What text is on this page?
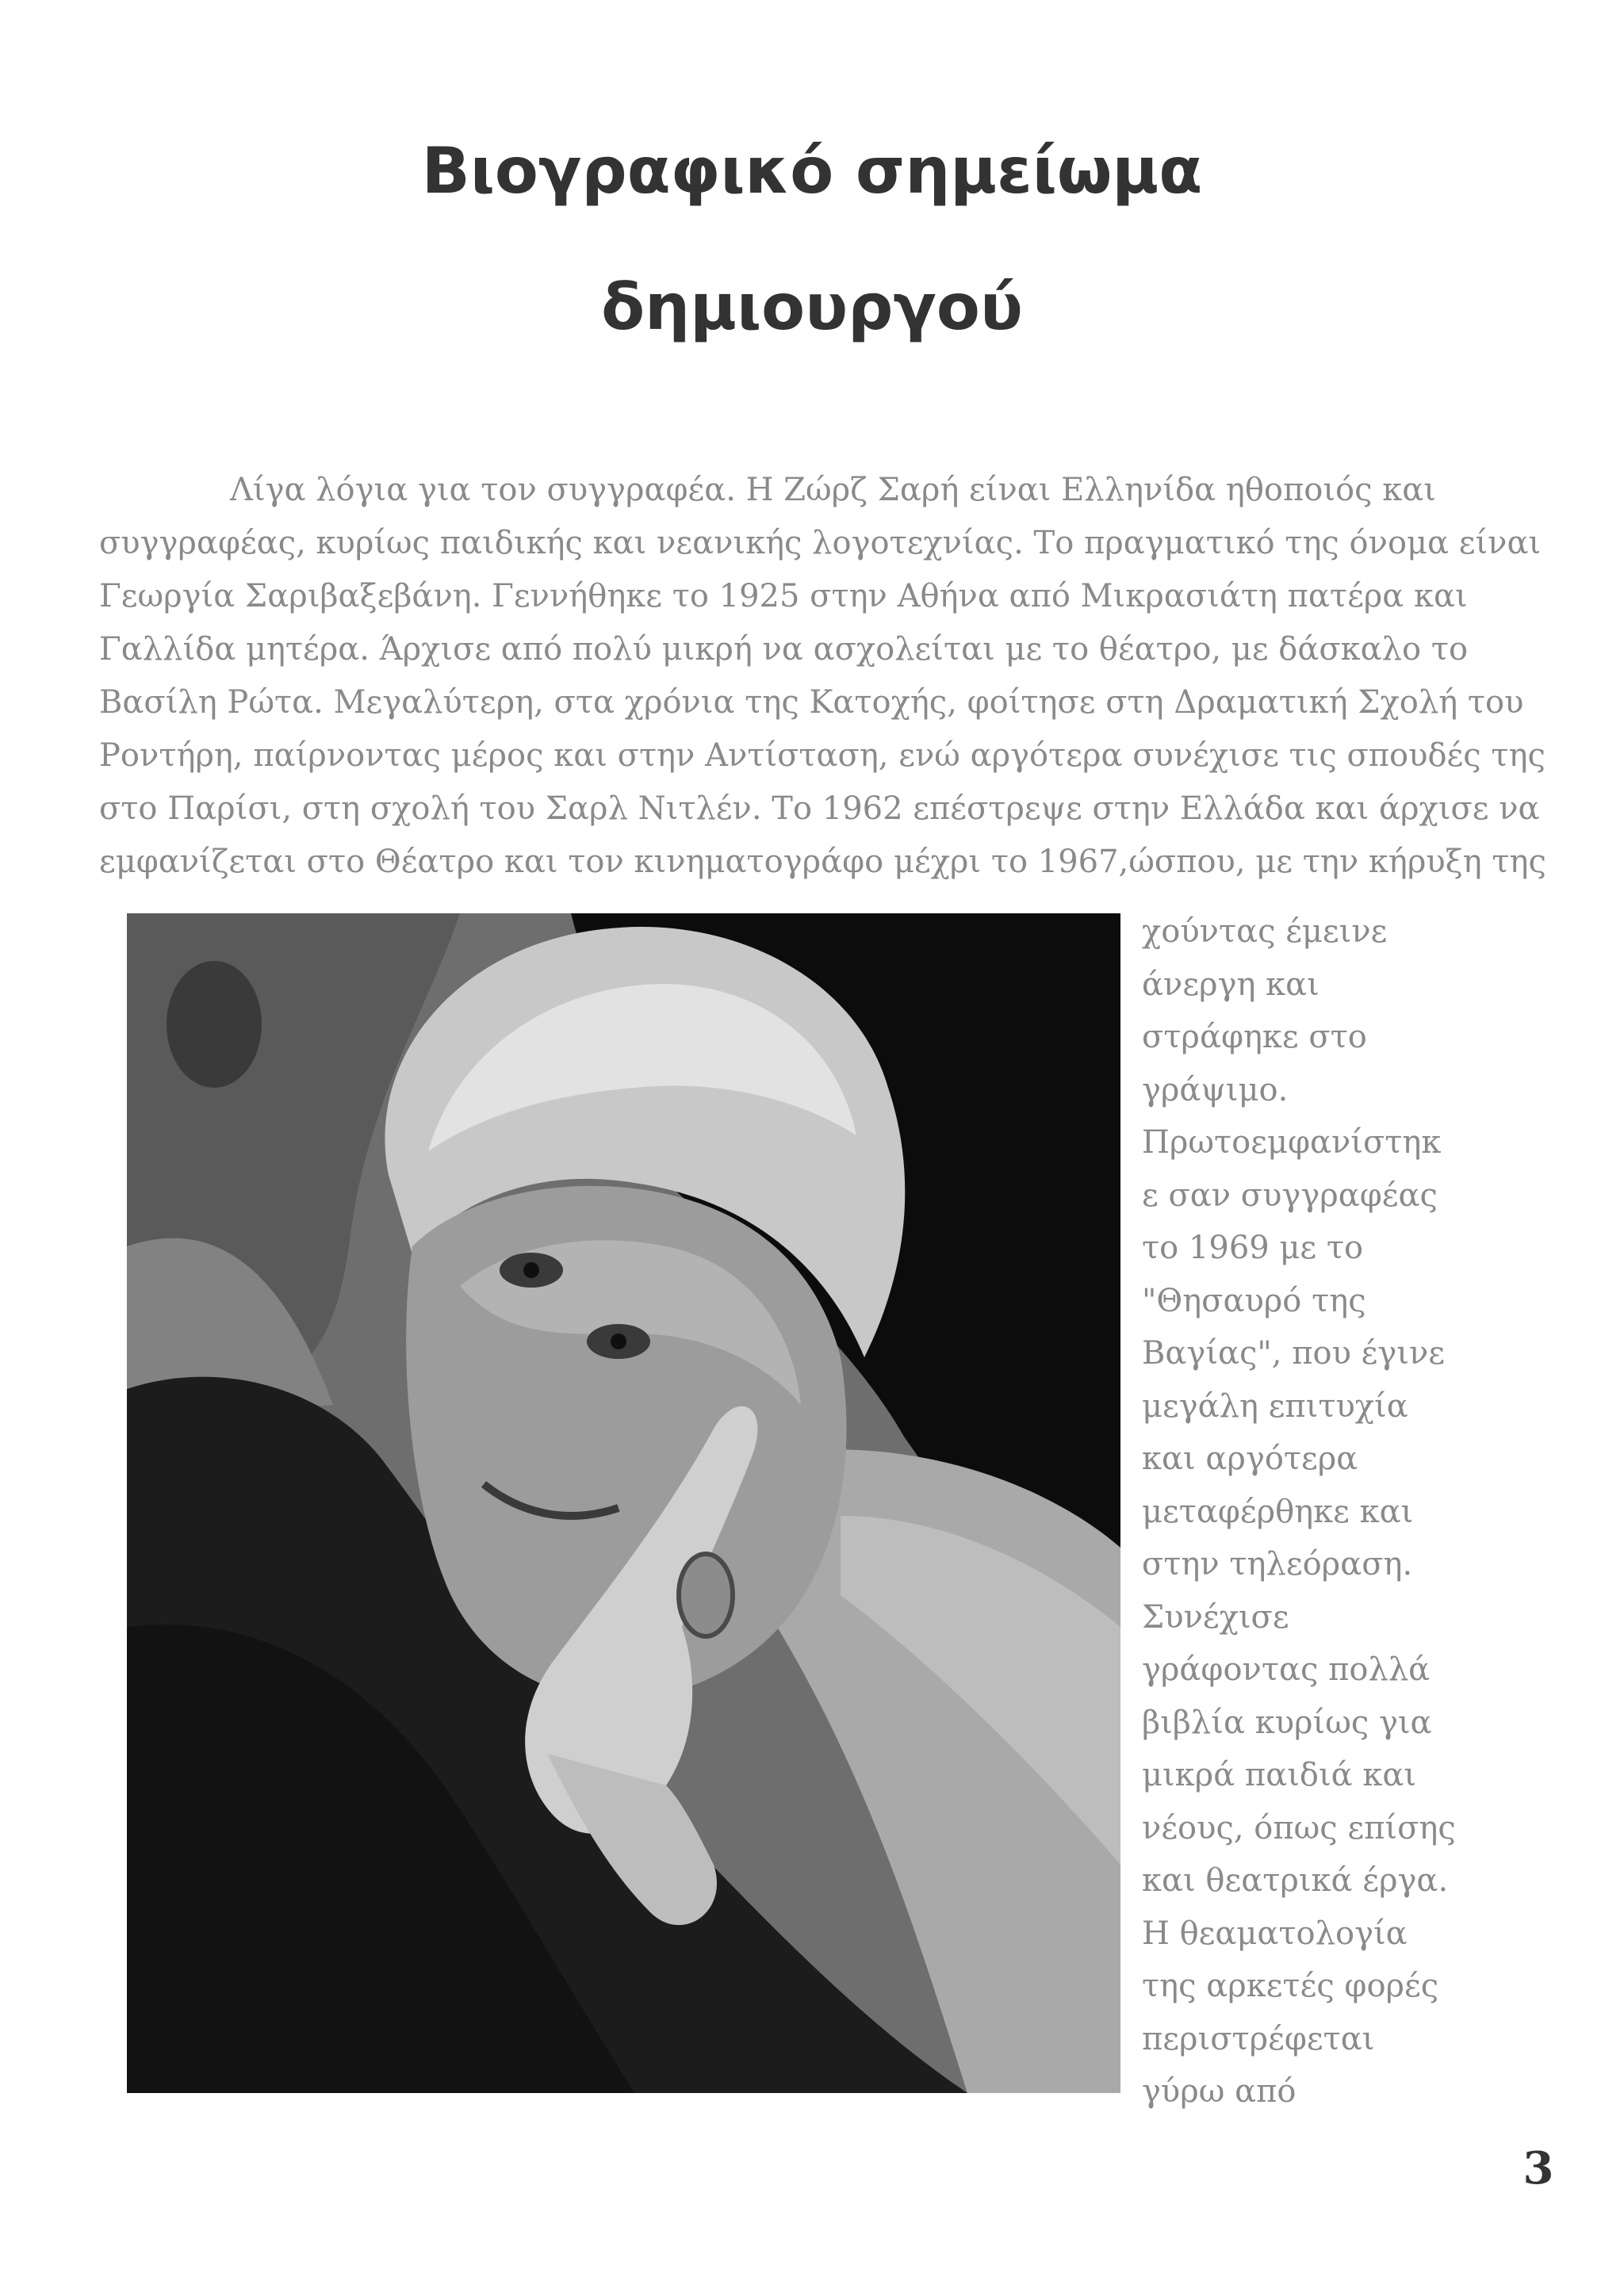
Βιογραφικό σημείωμα
δημιουργού
Λίγα λόγια για τον συγγραφέα. Η Ζώρζ Σαρή είναι Ελληνίδα ηθοποιός και
συγγραφέας, κυρίως παιδικής και νεανικής λογοτεχνίας. Το πραγματικό της όνομα είναι
Γεωργία Σαριβαξεβάνη. Γεννήθηκε το 1925 στην Αθήνα από Μικρασιάτη πατέρα και
Γαλλίδα μητέρα. Άρχισε από πολύ μικρή να ασχολείται με το θέατρο, με δάσκαλο το
Βασίλη Ρώτα. Μεγαλύτερη, στα χρόνια της Κατοχής, φοίτησε στη Δραματική Σχολή του
Ροντήρη, παίρνοντας μέρος και στην Αντίσταση, ενώ αργότερα συνέχισε τις σπουδές της
στο Παρίσι, στη σχολή του Σαρλ Νιτλέν. Το 1962 επέστρεψε στην Ελλάδα και άρχισε να
εμφανίζεται στο Θέατρο και τον κινηματογράφο μέχρι το 1967,ώσπου, με την κήρυξη της
χούντας έμεινε
άνεργη και
στράφηκε στο
γράψιμο.
Πρωτοεμφανίστηκ
ε σαν συγγραφέας
το 1969 με το
"Θησαυρό της
Βαγίας", που έγινε
μεγάλη επιτυχία
και αργότερα
μεταφέρθηκε και
στην τηλεόραση.
Συνέχισε
γράφοντας πολλά
βιβλία κυρίως για
μικρά παιδιά και
νέους, όπως επίσης
και θεατρικά έργα.
Η θεαματολογία
της αρκετές φορές
περιστρέφεται
γύρω από
3
